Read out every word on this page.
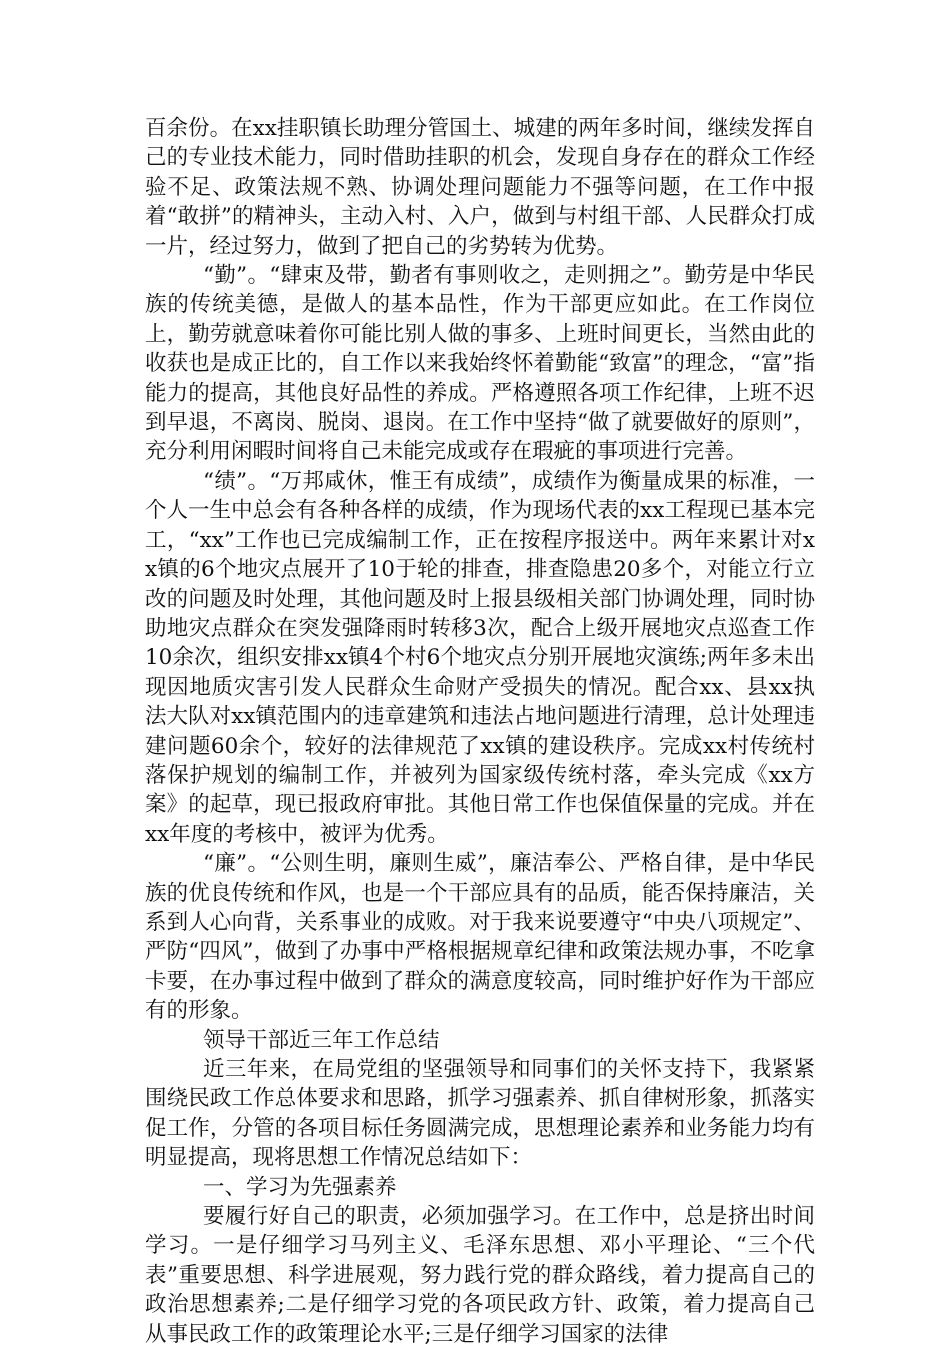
百余份。在xx挂职镇长助理分管国土、城建的两年多时间，继续发挥自己的专业技术能力，同时借助挂职的机会，发现自身存在的群众工作经验不足、政策法规不熟、协调处理问题能力不强等问题，在工作中报着“敢拼”的精神头，主动入村、入户，做到与村组干部、人民群众打成一片，经过努力，做到了把自己的劣势转为优势。

“勤”。“肆束及带，勤者有事则收之，走则拥之”。勤劳是中华民族的传统美德，是做人的基本品性，作为干部更应如此。在工作岗位上，勤劳就意味着你可能比别人做的事多、上班时间更长，当然由此的收获也是成正比的，自工作以来我始终怀着勤能“致富”的理念，“富”指能力的提高，其他良好品性的养成。严格遵照各项工作纪律，上班不迟到早退，不离岗、脱岗、退岗。在工作中坚持“做了就要做好的原则”，充分利用闲暇时间将自己未能完成或存在瑕疵的事项进行完善。

“绩”。“万邦咸休，惟王有成绩”，成绩作为衡量成果的标准，一个人一生中总会有各种各样的成绩，作为现场代表的xx工程现已基本完工，“xx”工作也已完成编制工作，正在按程序报送中。两年来累计对xx镇的6个地灾点展开了10于轮的排查，排查隐患20多个，对能立行立改的问题及时处理，其他问题及时上报县级相关部门协调处理，同时协助地灾点群众在突发强降雨时转移3次，配合上级开展地灾点巡查工作10余次，组织安排xx镇4个村6个地灾点分别开展地灾演练;两年多未出现因地质灾害引发人民群众生命财产受损失的情况。配合xx、县xx执法大队对xx镇范围内的违章建筑和违法占地问题进行清理，总计处理违建问题60余个，较好的法律规范了xx镇的建设秩序。完成xx村传统村落保护规划的编制工作，并被列为国家级传统村落，牵头完成《xx方案》的起草，现已报政府审批。其他日常工作也保值保量的完成。并在xx年度的考核中，被评为优秀。

“廉”。“公则生明，廉则生威”，廉洁奉公、严格自律，是中华民族的优良传统和作风，也是一个干部应具有的品质，能否保持廉洁，关系到人心向背，关系事业的成败。对于我来说要遵守“中央八项规定”、严防“四风”，做到了办事中严格根据规章纪律和政策法规办事，不吃拿卡要，在办事过程中做到了群众的满意度较高，同时维护好作为干部应有的形象。

领导干部近三年工作总结

近三年来，在局党组的坚强领导和同事们的关怀支持下，我紧紧围绕民政工作总体要求和思路，抓学习强素养、抓自律树形象，抓落实促工作，分管的各项目标任务圆满完成，思想理论素养和业务能力均有明显提高，现将思想工作情况总结如下：

一、学习为先强素养

要履行好自己的职责，必须加强学习。在工作中，总是挤出时间学习。一是仔细学习马列主义、毛泽东思想、邓小平理论、“三个代表”重要思想、科学进展观，努力践行党的群众路线，着力提高自己的政治思想素养;二是仔细学习党的各项民政方针、政策，着力提高自己从事民政工作的政策理论水平;三是仔细学习国家的法律
